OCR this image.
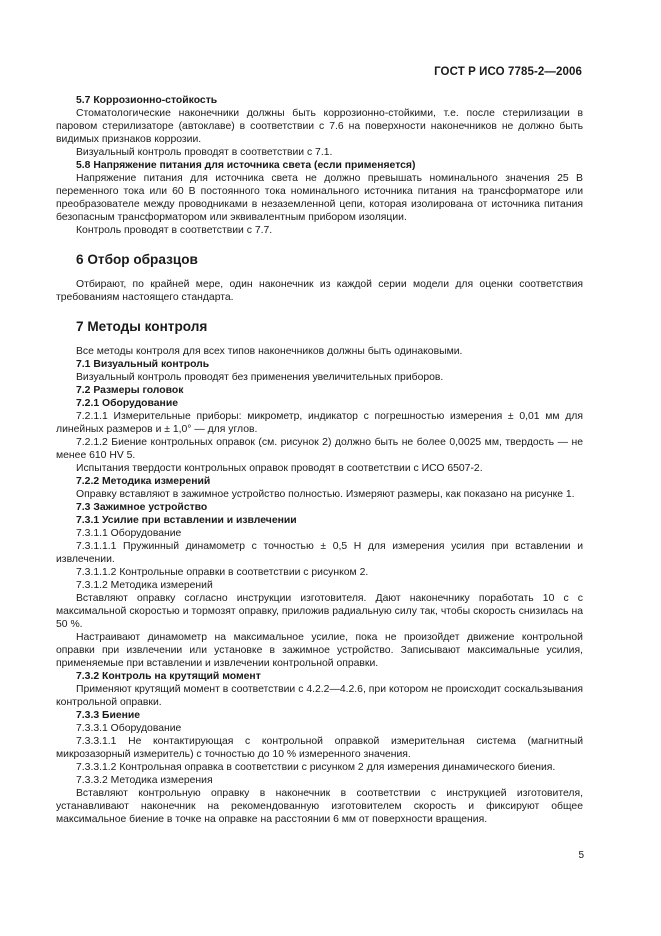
ГОСТ Р ИСО 7785-2—2006

5.7 Коррозионно-стойкость

Стоматологические наконечники должны быть коррозионно-стойкими, т.е. после стерилизации в паровом стерилизаторе (автоклаве) в соответствии с 7.6 на поверхности наконечников не должно быть видимых признаков коррозии.

Визуальный контроль проводят в соответствии с 7.1.

5.8 Напряжение питания для источника света (если применяется)

Напряжение питания для источника света не должно превышать номинального значения 25 В переменного тока или 60 В постоянного тока номинального источника питания на трансформаторе или преобразователе между проводниками в незаземленной цепи, которая изолирована от источника питания безопасным трансформатором или эквивалентным прибором изоляции.

Контроль проводят в соответствии с 7.7.

6 Отбор образцов

Отбирают, по крайней мере, один наконечник из каждой серии модели для оценки соответствия требованиям настоящего стандарта.

7 Методы контроля

Все методы контроля для всех типов наконечников должны быть одинаковыми.

7.1 Визуальный контроль

Визуальный контроль проводят без применения увеличительных приборов.

7.2 Размеры головок

7.2.1 Оборудование

7.2.1.1 Измерительные приборы: микрометр, индикатор с погрешностью измерения ± 0,01 мм для линейных размеров и ± 1,0° — для углов.

7.2.1.2 Биение контрольных оправок (см. рисунок 2) должно быть не более 0,0025 мм, твердость — не менее 610 HV 5.

Испытания твердости контрольных оправок проводят в соответствии с ИСО 6507-2.

7.2.2 Методика измерений

Оправку вставляют в зажимное устройство полностью. Измеряют размеры, как показано на рисунке 1.

7.3 Зажимное устройство

7.3.1 Усилие при вставлении и извлечении

7.3.1.1 Оборудование

7.3.1.1.1 Пружинный динамометр с точностью ± 0,5 Н для измерения усилия при вставлении и извлечении.

7.3.1.1.2 Контрольные оправки в соответствии с рисунком 2.

7.3.1.2 Методика измерений

Вставляют оправку согласно инструкции изготовителя. Дают наконечнику поработать 10 с с максимальной скоростью и тормозят оправку, приложив радиальную силу так, чтобы скорость снизилась на 50 %.

Настраивают динамометр на максимальное усилие, пока не произойдет движение контрольной оправки при извлечении или установке в зажимное устройство. Записывают максимальные усилия, применяемые при вставлении и извлечении контрольной оправки.

7.3.2 Контроль на крутящий момент

Применяют крутящий момент в соответствии с 4.2.2—4.2.6, при котором не происходит соскальзывания контрольной оправки.

7.3.3 Биение

7.3.3.1 Оборудование

7.3.3.1.1 Не контактирующая с контрольной оправкой измерительная система (магнитный микрозазорный измеритель) с точностью до 10 % измеренного значения.

7.3.3.1.2 Контрольная оправка в соответствии с рисунком 2 для измерения динамического биения.

7.3.3.2 Методика измерения

Вставляют контрольную оправку в наконечник в соответствии с инструкцией изготовителя, устанавливают наконечник на рекомендованную изготовителем скорость и фиксируют общее максимальное биение в точке на оправке на расстоянии 6 мм от поверхности вращения.

5
